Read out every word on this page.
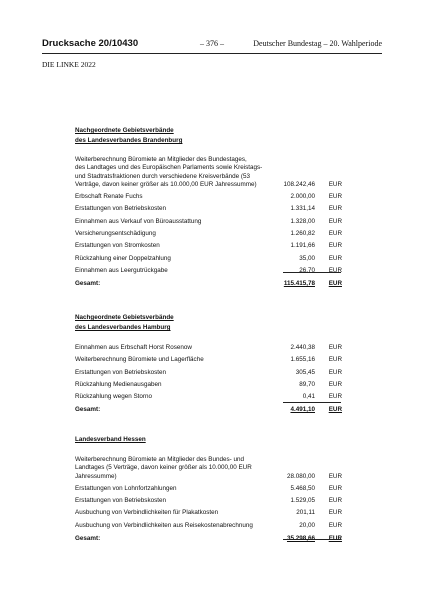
Drucksache 20/10430	– 376 –	Deutscher Bundestag – 20. Wahlperiode
DIE LINKE 2022
Nachgeordnete Gebietsverbände
des Landesverbandes Brandenburg
Weiterberechnung Büromiete an Mitglieder des Bundestages,
des Landtages und des Europäischen Parlaments sowie Kreistags-
und Stadtratsfraktionen durch verschiedene Kreisverbände (53
Verträge, davon keiner größer als 10.000,00 EUR Jahressumme)	108.242,46 EUR
Erbschaft Renate Fuchs	2.000,00 EUR
Erstattungen von Betriebskosten	1.331,14 EUR
Einnahmen aus Verkauf von Büroausstattung	1.328,00 EUR
Versicherungsentschädigung	1.260,82 EUR
Erstattungen von Stromkosten	1.191,66 EUR
Rückzahlung einer Doppelzahlung	35,00 EUR
Einnahmen aus Leergutrückgabe	26,70 EUR
Gesamt:	115.415,78 EUR
Nachgeordnete Gebietsverbände
des Landesverbandes Hamburg
Einnahmen aus Erbschaft Horst Rosenow	2.440,38 EUR
Weiterberechnung Büromiete und Lagerfläche	1.655,16 EUR
Erstattungen von Betriebskosten	305,45 EUR
Rückzahlung Medienausgaben	89,70 EUR
Rückzahlung wegen Storno	0,41 EUR
Gesamt:	4.491,10 EUR
Landesverband Hessen
Weiterberechnung Büromiete an Mitglieder des Bundes- und
Landtages (5 Verträge, davon keiner größer als 10.000,00 EUR
Jahressumme)	28.080,00 EUR
Erstattungen von Lohnfortzahlungen	5.468,50 EUR
Erstattungen von Betriebskosten	1.529,05 EUR
Ausbuchung von Verbindlichkeiten für Plakatkosten	201,11 EUR
Ausbuchung von Verbindlichkeiten aus Reisekostenabrechnung	20,00 EUR
Gesamt:	35.298,66 EUR
